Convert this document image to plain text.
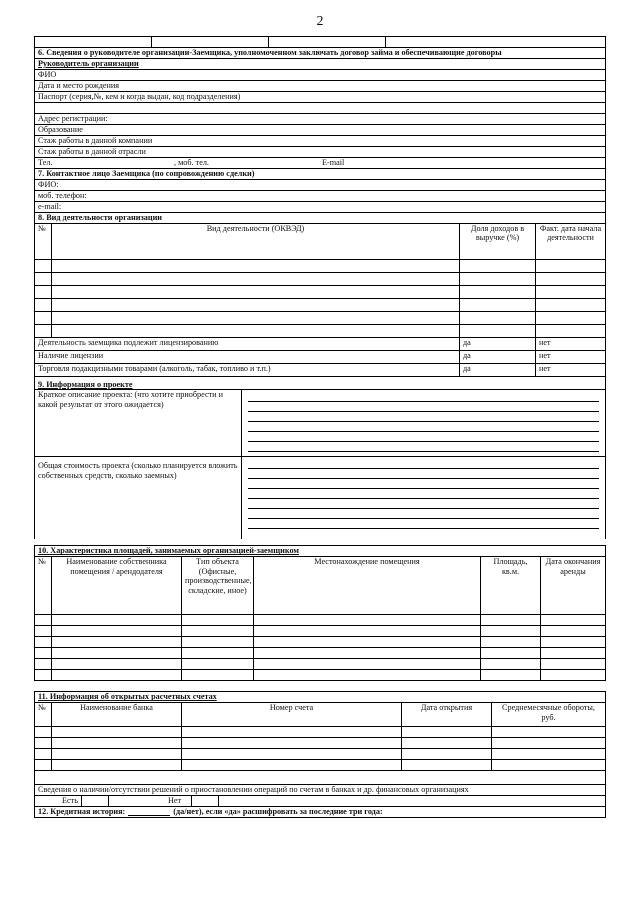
2
6. Сведения о руководителе организации-Заемщика, уполномоченном заключать договор займа и обеспечивающие договоры
Руководитель организации
ФИО
Дата и место рождения
Паспорт (серия,№, кем и когда выдан, код подразделения)
Адрес регистрации:
Образование
Стаж работы в данной компании
Стаж работы в данной отрасли
Тел.	, моб. тел.	E-mail
7. Контактное лицо Заемщика (по сопровождению сделки)
ФИО:
моб. телефон:
e-mail:
8. Вид деятельности организации
№	Вид деятельности (ОКВЭД)	Доля доходов в выручке (%)	Факт. дата начала деятельности

Деятельность заемщика подлежит лицензированию		да	нет
Наличие лицензии		да	нет
Торговля подакцизными товарами (алкоголь, табак, топливо и т.п.)		да	нет
9. Информация о проекте
Краткое описание проекта: (что хотите приобрести и какой результат от этого ожидается)
Общая стоимость проекта (сколько планируется вложить собственных средств, сколько заемных)
10. Характеристика площадей, занимаемых организацией-заемщиком
№	Наименование собственника помещения / арендодателя	Тип объекта (Офисные, производственные, складские, иное)	Местонахождение помещения	Площадь, кв.м.	Дата окончания аренды

11. Информация об открытых расчетных счетах
№	Наименование банка	Номер счета	Дата открытия	Среднемесячные обороты, руб.

Сведения о наличии/отсутствии решений о приостановлении операций по счетам в банках и др. финансовых организациях
Есть	Нет
12. Кредитная история:	(да/нет), если «да» расшифровать за последние три года:
